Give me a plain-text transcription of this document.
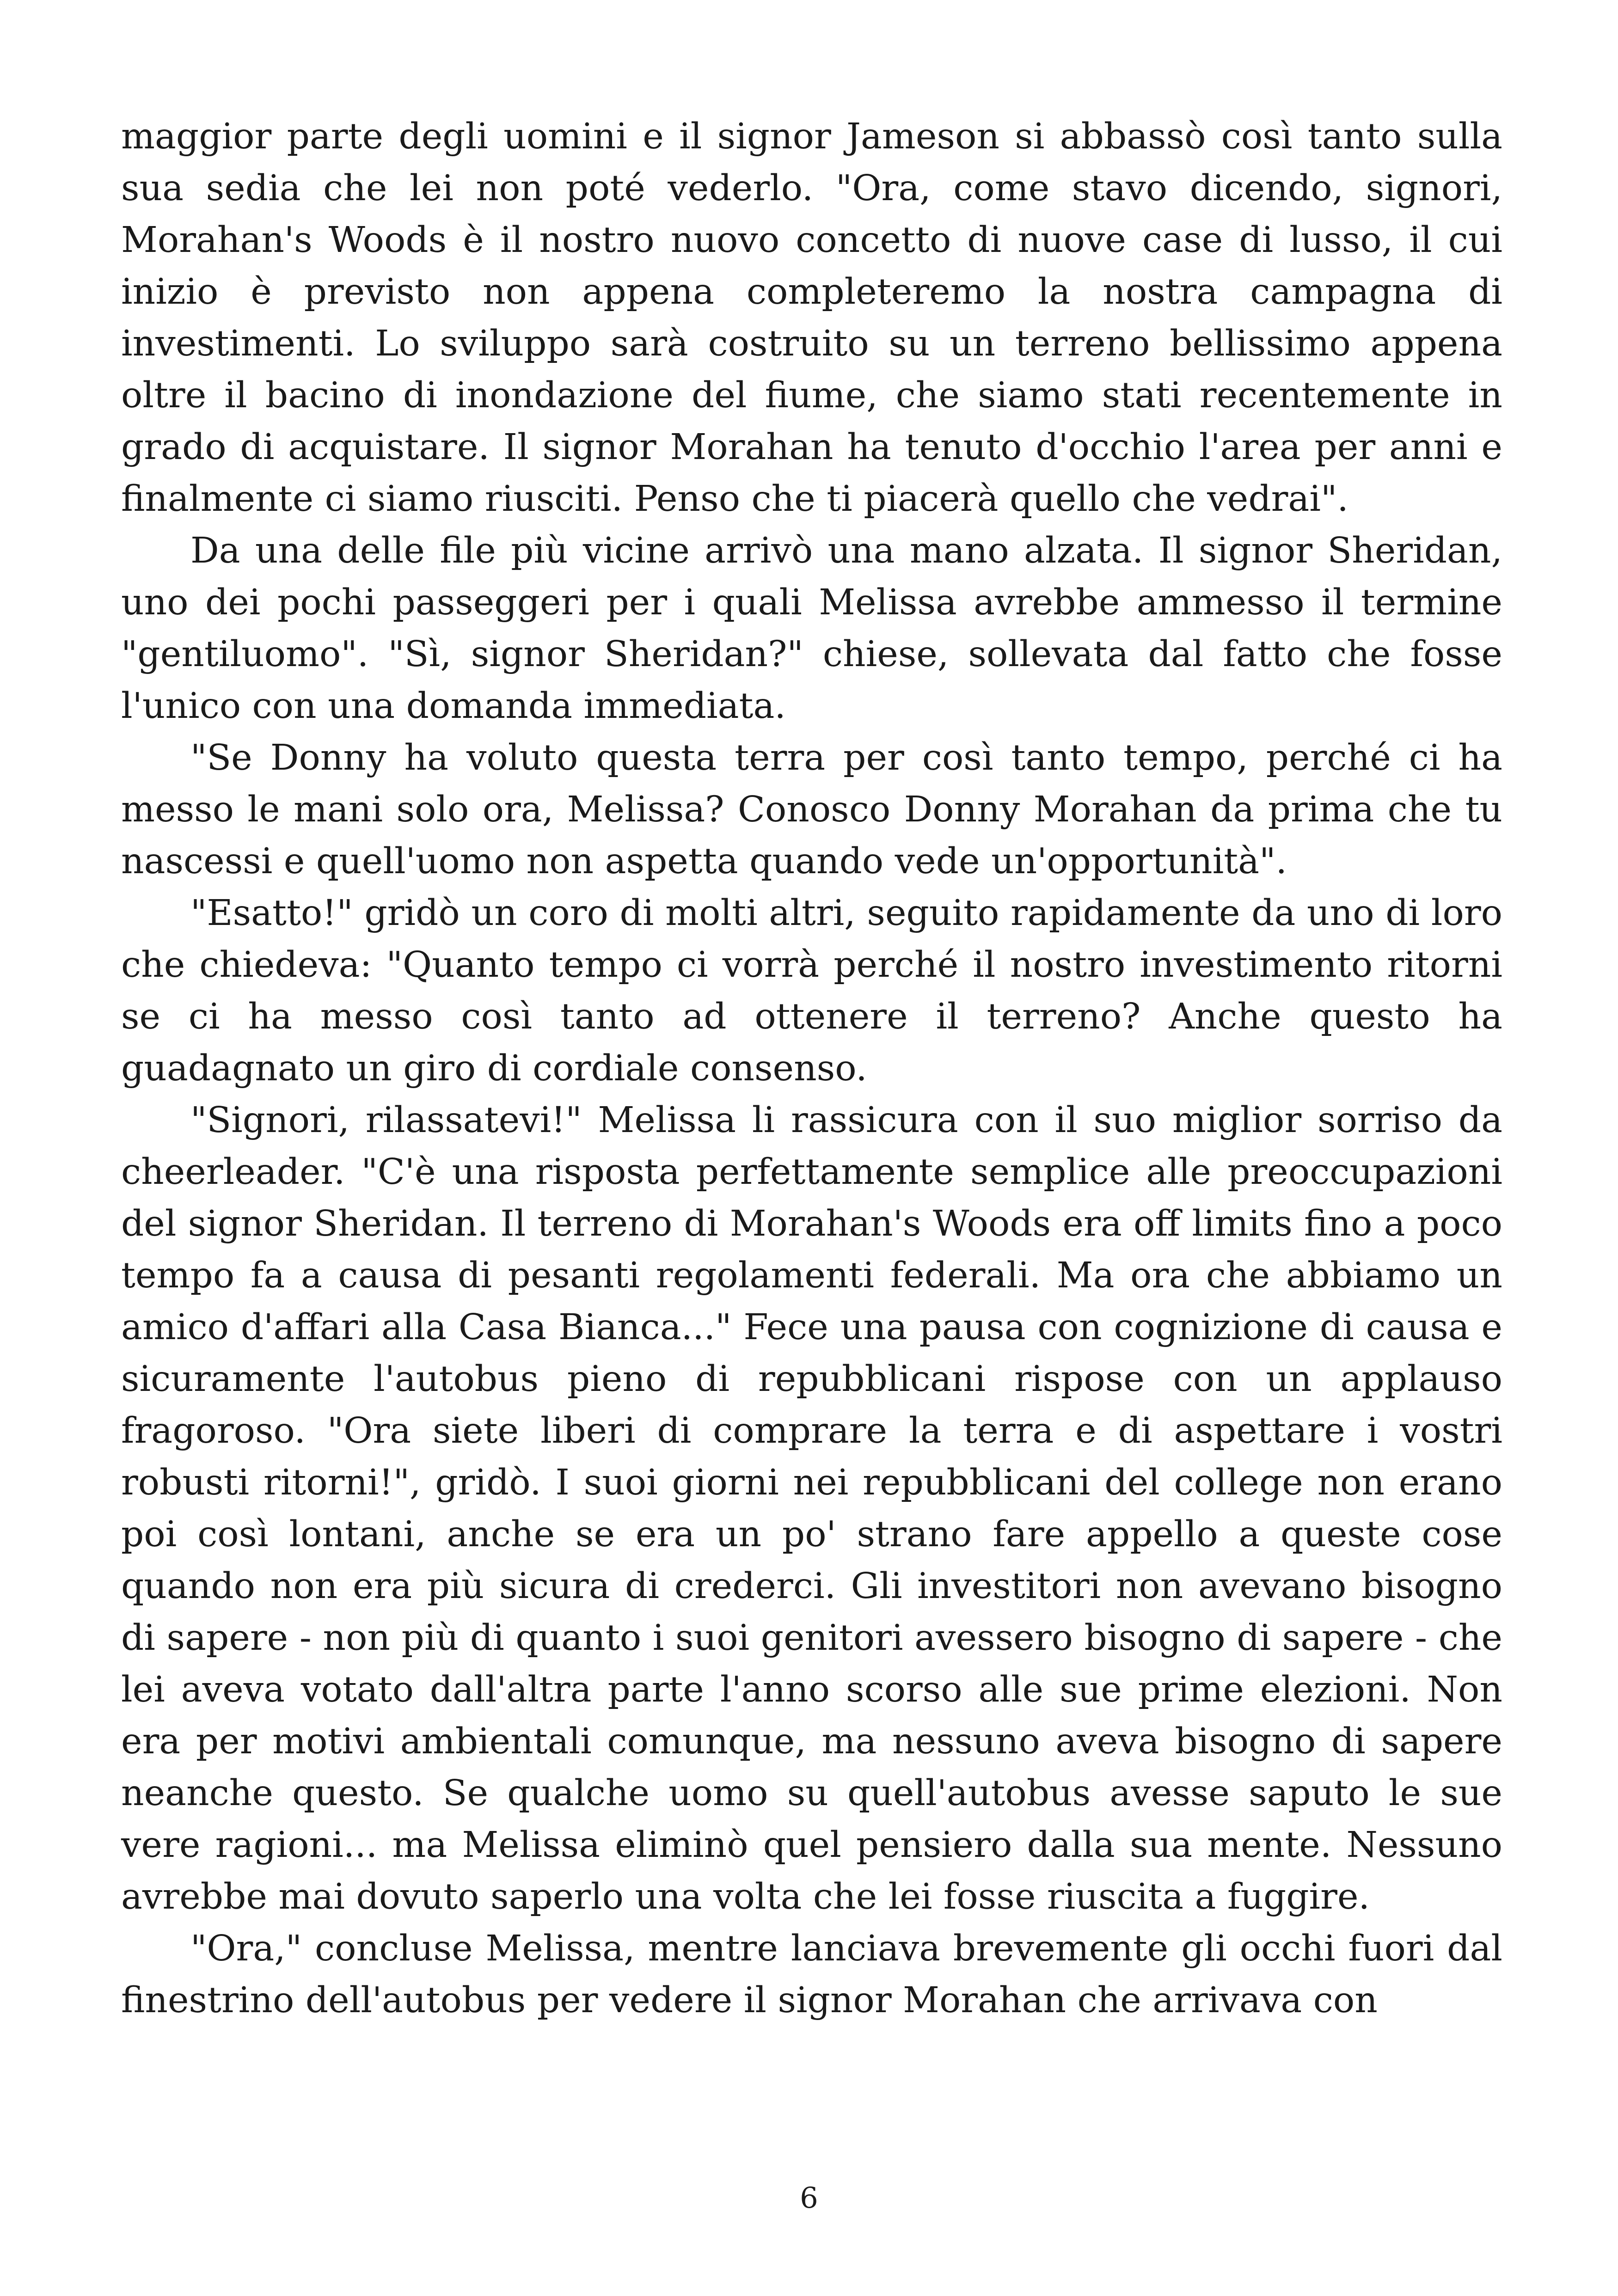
maggior parte degli uomini e il signor Jameson si abbassò così tanto sulla sua sedia che lei non poté vederlo. "Ora, come stavo dicendo, signori, Morahan's Woods è il nostro nuovo concetto di nuove case di lusso, il cui inizio è previsto non appena completeremo la nostra campagna di investimenti. Lo sviluppo sarà costruito su un terreno bellissimo appena oltre il bacino di inondazione del fiume, che siamo stati recentemente in grado di acquistare. Il signor Morahan ha tenuto d'occhio l'area per anni e finalmente ci siamo riusciti. Penso che ti piacerà quello che vedrai".

Da una delle file più vicine arrivò una mano alzata. Il signor Sheridan, uno dei pochi passeggeri per i quali Melissa avrebbe ammesso il termine "gentiluomo". "Sì, signor Sheridan?" chiese, sollevata dal fatto che fosse l'unico con una domanda immediata.

"Se Donny ha voluto questa terra per così tanto tempo, perché ci ha messo le mani solo ora, Melissa? Conosco Donny Morahan da prima che tu nascessi e quell'uomo non aspetta quando vede un'opportunità".

"Esatto!" gridò un coro di molti altri, seguito rapidamente da uno di loro che chiedeva: "Quanto tempo ci vorrà perché il nostro investimento ritorni se ci ha messo così tanto ad ottenere il terreno? Anche questo ha guadagnato un giro di cordiale consenso.

"Signori, rilassatevi!" Melissa li rassicura con il suo miglior sorriso da cheerleader. "C'è una risposta perfettamente semplice alle preoccupazioni del signor Sheridan. Il terreno di Morahan's Woods era off limits fino a poco tempo fa a causa di pesanti regolamenti federali. Ma ora che abbiamo un amico d'affari alla Casa Bianca..." Fece una pausa con cognizione di causa e sicuramente l'autobus pieno di repubblicani rispose con un applauso fragoroso. "Ora siete liberi di comprare la terra e di aspettare i vostri robusti ritorni!", gridò. I suoi giorni nei repubblicani del college non erano poi così lontani, anche se era un po' strano fare appello a queste cose quando non era più sicura di crederci. Gli investitori non avevano bisogno di sapere - non più di quanto i suoi genitori avessero bisogno di sapere - che lei aveva votato dall'altra parte l'anno scorso alle sue prime elezioni. Non era per motivi ambientali comunque, ma nessuno aveva bisogno di sapere neanche questo. Se qualche uomo su quell'autobus avesse saputo le sue vere ragioni... ma Melissa eliminò quel pensiero dalla sua mente. Nessuno avrebbe mai dovuto saperlo una volta che lei fosse riuscita a fuggire.

"Ora," concluse Melissa, mentre lanciava brevemente gli occhi fuori dal finestrino dell'autobus per vedere il signor Morahan che arrivava con

6
